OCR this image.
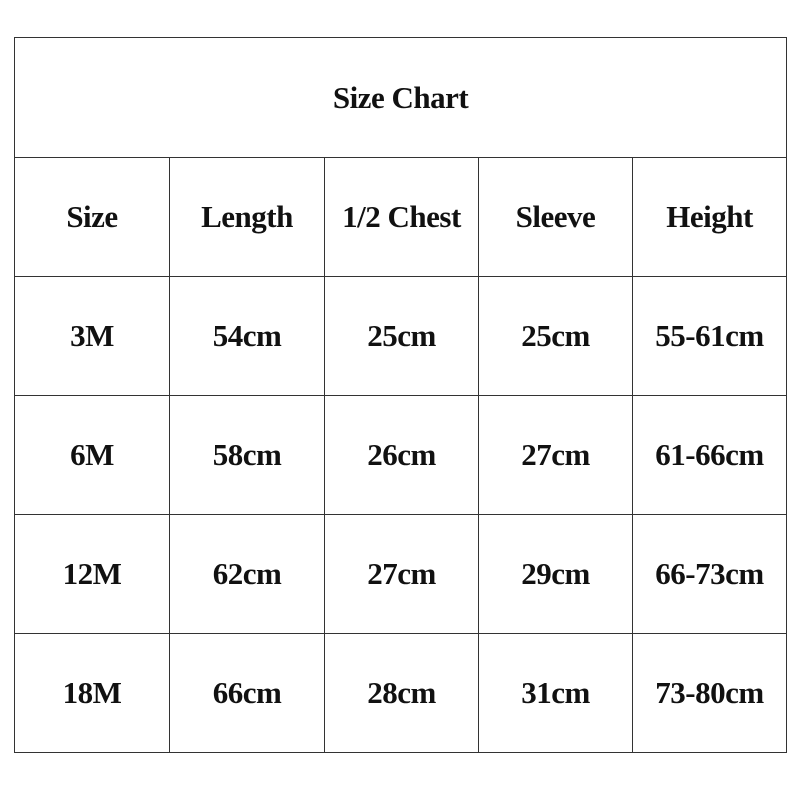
Size Chart				
Size	Length	1/2 Chest	Sleeve	Height
3M	54cm	25cm	25cm	55-61cm
6M	58cm	26cm	27cm	61-66cm
12M	62cm	27cm	29cm	66-73cm
18M	66cm	28cm	31cm	73-80cm
